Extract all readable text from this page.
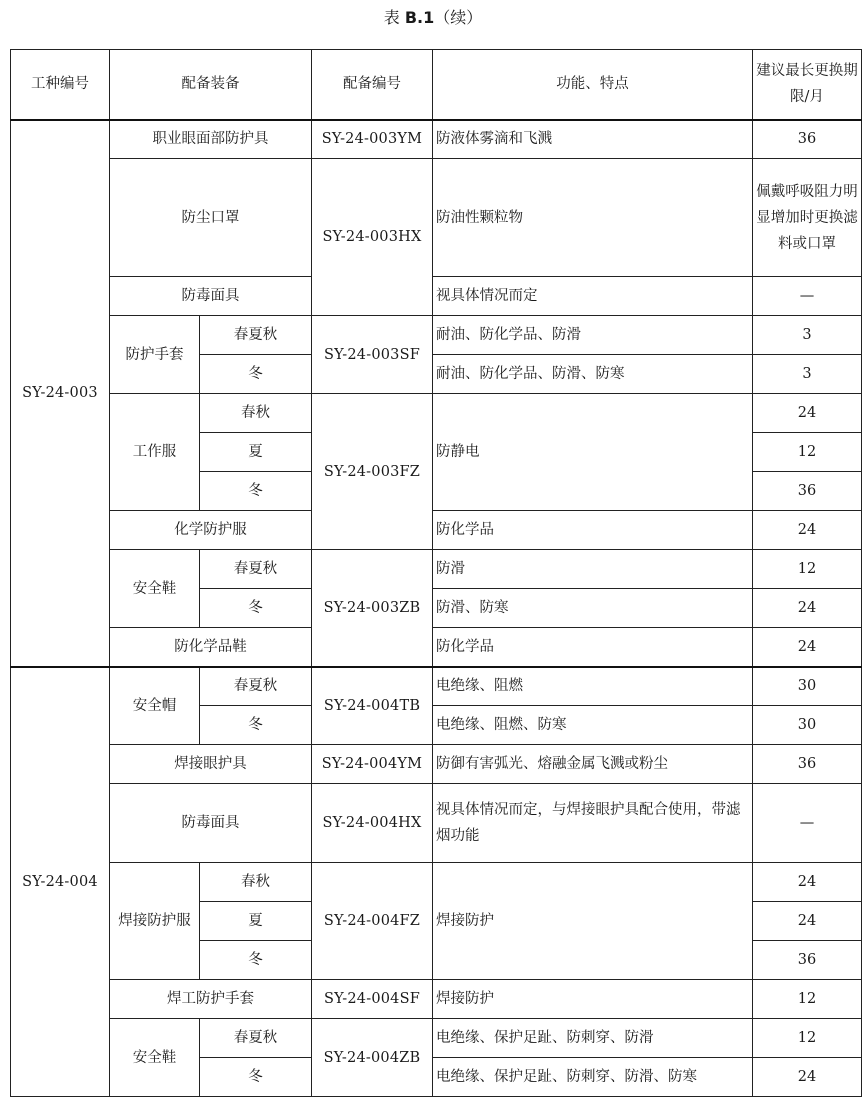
表 B.1（续）
工种编号	配备装备		配备编号	功能、特点	建议最长更换期限/月
SY-24-003	职业眼面部防护具		SY-24-003YM	防液体雾滴和飞溅	36
	防尘口罩		SY-24-003HX	防油性颗粒物	佩戴呼吸阻力明显增加时更换滤料或口罩
	防毒面具			视具体情况而定	—
	防护手套	春夏秋	SY-24-003SF	耐油、防化学品、防滑	3
		冬		耐油、防化学品、防滑、防寒	3
	工作服	春秋	SY-24-003FZ	防静电	24
		夏			12
		冬			36
	化学防护服			防化学品	24
	安全鞋	春夏秋	SY-24-003ZB	防滑	12
		冬		防滑、防寒	24
	防化学品鞋			防化学品	24
SY-24-004	安全帽	春夏秋	SY-24-004TB	电绝缘、阻燃	30
		冬		电绝缘、阻燃、防寒	30
	焊接眼护具		SY-24-004YM	防御有害弧光、熔融金属飞溅或粉尘	36
	防毒面具		SY-24-004HX	视具体情况而定，与焊接眼护具配合使用，带滤烟功能	—
	焊接防护服	春秋	SY-24-004FZ	焊接防护	24
		夏			24
		冬			36
	焊工防护手套		SY-24-004SF	焊接防护	12
	安全鞋	春夏秋	SY-24-004ZB	电绝缘、保护足趾、防刺穿、防滑	12
		冬		电绝缘、保护足趾、防刺穿、防滑、防寒	24
